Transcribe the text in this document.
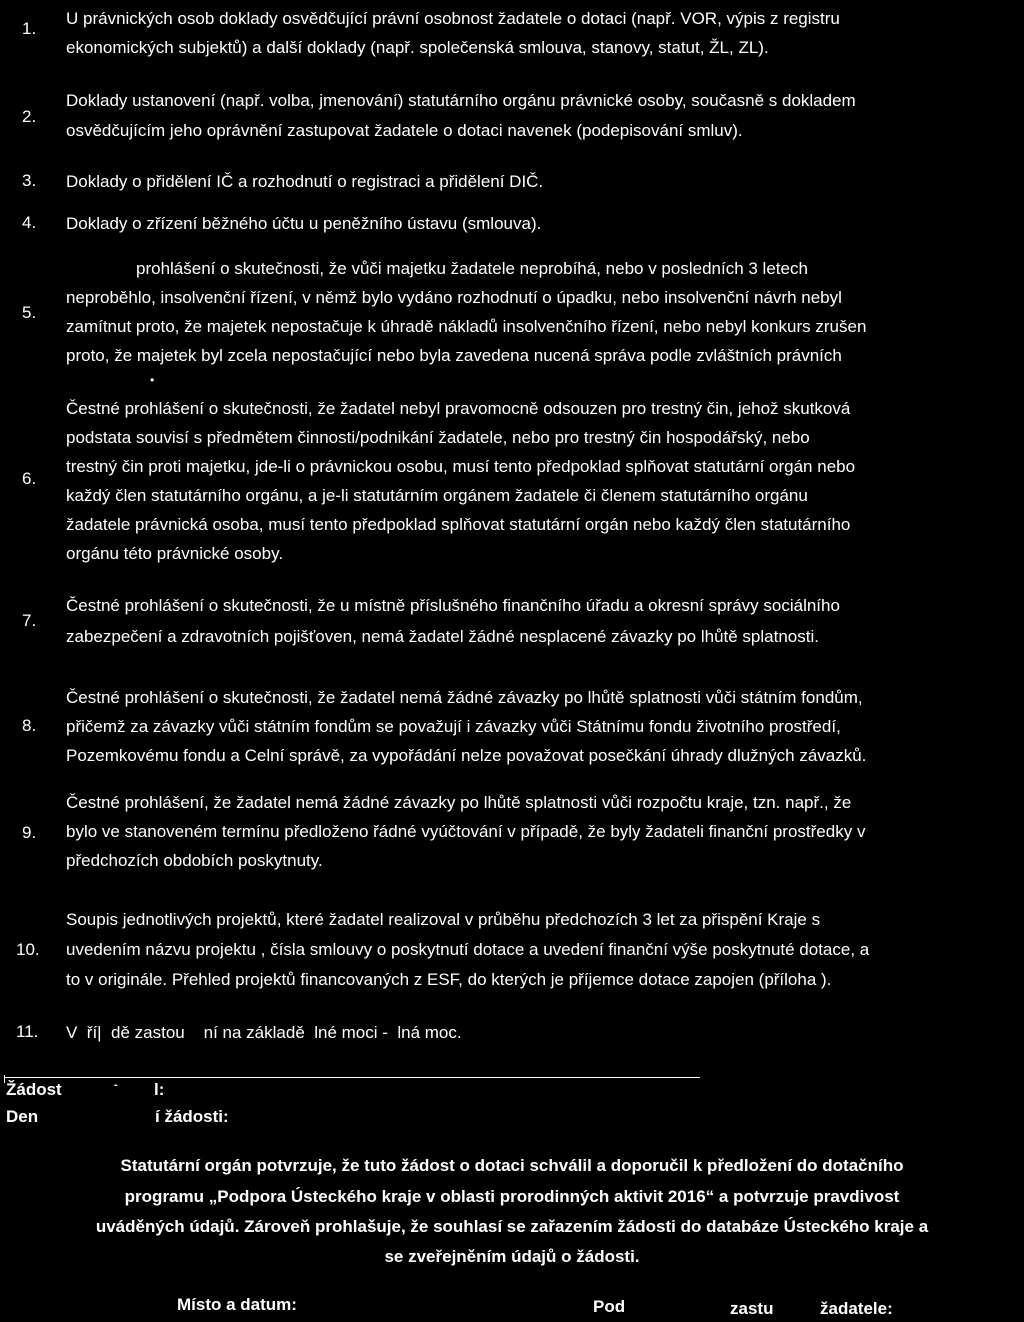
1.

U právnických osob doklady osvědčující právní osobnost žadatele o dotaci (např. VOR, výpis z registru

ekonomických subjektů) a další doklady (např. společenská smlouva, stanovy, statut, ŽL, ZL).

2.

Doklady ustanovení (např. volba, jmenování) statutárního orgánu právnické osoby, současně s dokladem

osvědčujícím jeho oprávnění zastupovat žadatele o dotaci navenek (podepisování smluv).

3.	Doklady o přidělení IČ a rozhodnutí o registraci a přidělení DIČ.

4.	Doklady o zřízení běžného účtu u peněžního ústavu (smlouva).

5.

prohlášení o skutečnosti, že vůči majetku žadatele neprobíhá, nebo v posledních 3 letech

neproběhlo, insolvenční řízení, v němž bylo vydáno rozhodnutí o úpadku, nebo insolvenční návrh nebyl

zamítnut proto, že majetek nepostačuje k úhradě nákladů insolvenčního řízení, nebo nebyl konkurs zrušen

proto, že majetek byl zcela nepostačující nebo byla zavedena nucená správa podle zvláštních právních

•
6.

Čestné prohlášení o skutečnosti, že žadatel nebyl pravomocně odsouzen pro trestný čin, jehož skutková

podstata souvisí s předmětem činnosti/podnikání žadatele, nebo pro trestný čin hospodářský, nebo

trestný čin proti majetku, jde-li o právnickou osobu, musí tento předpoklad splňovat statutární orgán nebo

každý člen statutárního orgánu, a je-li statutárním orgánem žadatele či členem statutárního orgánu

žadatele právnická osoba, musí tento předpoklad splňovat statutární orgán nebo každý člen statutárního

orgánu této právnické osoby.

7.

Čestné prohlášení o skutečnosti, že u místně příslušného finančního úřadu a okresní správy sociálního

zabezpečení a zdravotních pojišťoven, nemá žadatel žádné nesplacené závazky po lhůtě splatnosti.

8.

Čestné prohlášení o skutečnosti, že žadatel nemá žádné závazky po lhůtě splatnosti vůči státním fondům,

přičemž za závazky vůči státním fondům se považují i závazky vůči Státnímu fondu životního prostředí,

Pozemkovému fondu a Celní správě, za vypořádání nelze považovat posečkání úhrady dlužných závazků.

9.

Čestné prohlášení, že žadatel nemá žádné závazky po lhůtě splatnosti vůči rozpočtu kraje, tzn. např., že

bylo ve stanoveném termínu předloženo řádné vyúčtování v případě, že byly žadateli finanční prostředky v

předchozích obdobích poskytnuty.

10.

Soupis jednotlivých projektů, které žadatel realizoval v průběhu předchozích 3 let za přispění Kraje s

uvedením názvu projektu , čísla smlouvy o poskytnutí dotace a uvedení finanční výše poskytnuté dotace, a

to v originále. Přehled projektů financovaných z ESF, do kterých je příjemce dotace zapojen (příloha ).

11.	V  ří|  dě zastou    ní na základě  lné moci -  lná moc.

Žádost	- l:
Den	í žádosti:

Statutární orgán potvrzuje, že tuto žádost o dotaci schválil a doporučil k předložení do dotačního

programu „Podpora Ústeckého kraje v oblasti prorodinných aktivit 2016“ a potvrzuje pravdivost

uváděných údajů. Zároveň prohlašuje, že souhlasí se zařazením žádosti do databáze Ústeckého kraje a

se zveřejněním údajů o žádosti.

Místo a datum:	Pod	zastu	žadatele:
